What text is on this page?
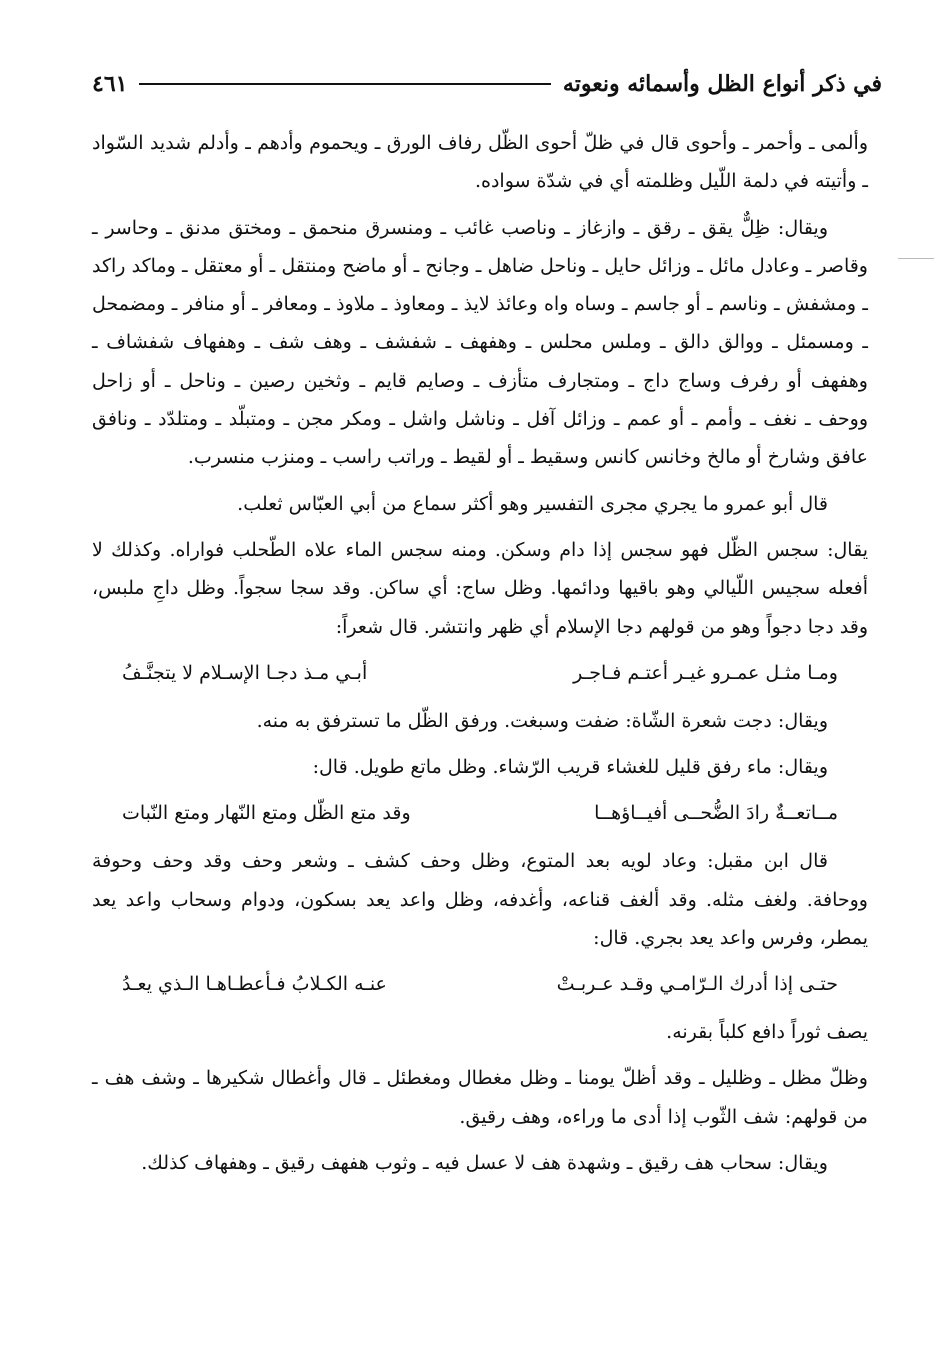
في ذكر أنواع الظل وأسمائه ونعوته
٤٦١

وألمى ـ وأحمر ـ وأحوى قال في ظلّ أحوى الظّل رفاف الورق ـ ويحموم وأدهم ـ وأدلم شديد السّواد ـ وأتيته في دلمة اللّيل وظلمته أي في شدّة سواده.

ويقال: ظِلٌّ يقق ـ رقق ـ وازغاز ـ وناصب غائب ـ ومنسرق منحمق ـ ومختق مدنق ـ وحاسر ـ وقاصر ـ وعادل مائل ـ وزائل حايل ـ وناحل ضاهل ـ وجانح ـ أو ماضح ومنتقل ـ أو معتقل ـ وماكد راكد ـ ومشفش ـ وناسم ـ أو جاسم ـ وساه واه وعائذ لايذ ـ ومعاوذ ـ ملاوذ ـ ومعافر ـ أو منافر ـ ومضمحل ـ ومسمئل ـ ووالق دالق ـ وملس محلس ـ وهفهف ـ شفشف ـ وهف شف ـ وهفهاف شفشاف ـ وهفهف أو رفرف وساج داج ـ ومتجارف متأزف ـ وصايم قايم ـ وثخين رصين ـ وناحل ـ أو زاحل ووحف ـ نغف ـ وأمم ـ أو عمم ـ وزائل آفل ـ وناشل واشل ـ ومكر مجن ـ ومتبلّد ـ ومتلدّد ـ ونافق عافق وشارخ أو مالخ وخانس كانس وسقيط ـ أو لقيط ـ وراتب راسب ـ ومنزب منسرب.

قال أبو عمرو ما يجري مجرى التفسير وهو أكثر سماع من أبي العبّاس ثعلب.

يقال: سجس الظّل فهو سجس إذا دام وسكن. ومنه سجس الماء علاه الطّحلب فواراه. وكذلك لا أفعله سجيس اللّيالي وهو باقيها ودائمها. وظل ساج: أي ساكن. وقد سجا سجواً. وظل داجِ ملبس، وقد دجا دجواً وهو من قولهم دجا الإسلام أي ظهر وانتشر. قال شعراً:

ومـا مثـل عمـرو غيـر أعتـم فـاجـر
أبـي مـذ دجـا الإسـلام لا يتجنَّـفُ

ويقال: دجت شعرة الشّاة: ضفت وسبغت. ورفق الظّل ما تسترفق به منه.

ويقال: ماء رفق قليل للغشاء قريب الرّشاء. وظل ماتع طويل. قال:

مــاتعــةٌ رادَ الضُّحــى أفيــاؤهــا
وقد متع الظّل ومتع النّهار ومتع النّبات

قال ابن مقبل: وعاد لويه بعد المتوع، وظل وحف كشف ـ وشعر وحف وقد وحف وحوفة ووحافة. ولغف مثله. وقد ألغف قناعه، وأغدفه، وظل واعد يعد بسكون، ودوام وسحاب واعد يعد يمطر، وفرس واعد يعد بجري. قال:

حتـى إذا أدرك الـرّامـي وقـد عـربـتْ
عنـه الكـلابُ فـأعطـاهـا الـذي يعـدُ

يصف ثوراً دافع كلباً بقرنه.

وظلّ مظل ـ وظليل ـ وقد أظلّ يومنا ـ وظل مغطال ومغطئل ـ قال وأغطال شكيرها ـ وشف هف ـ من قولهم: شف الثّوب إذا أدى ما وراءه، وهف رقيق.

ويقال: سحاب هف رقيق ـ وشهدة هف لا عسل فيه ـ وثوب هفهف رقيق ـ وهفهاف كذلك.
